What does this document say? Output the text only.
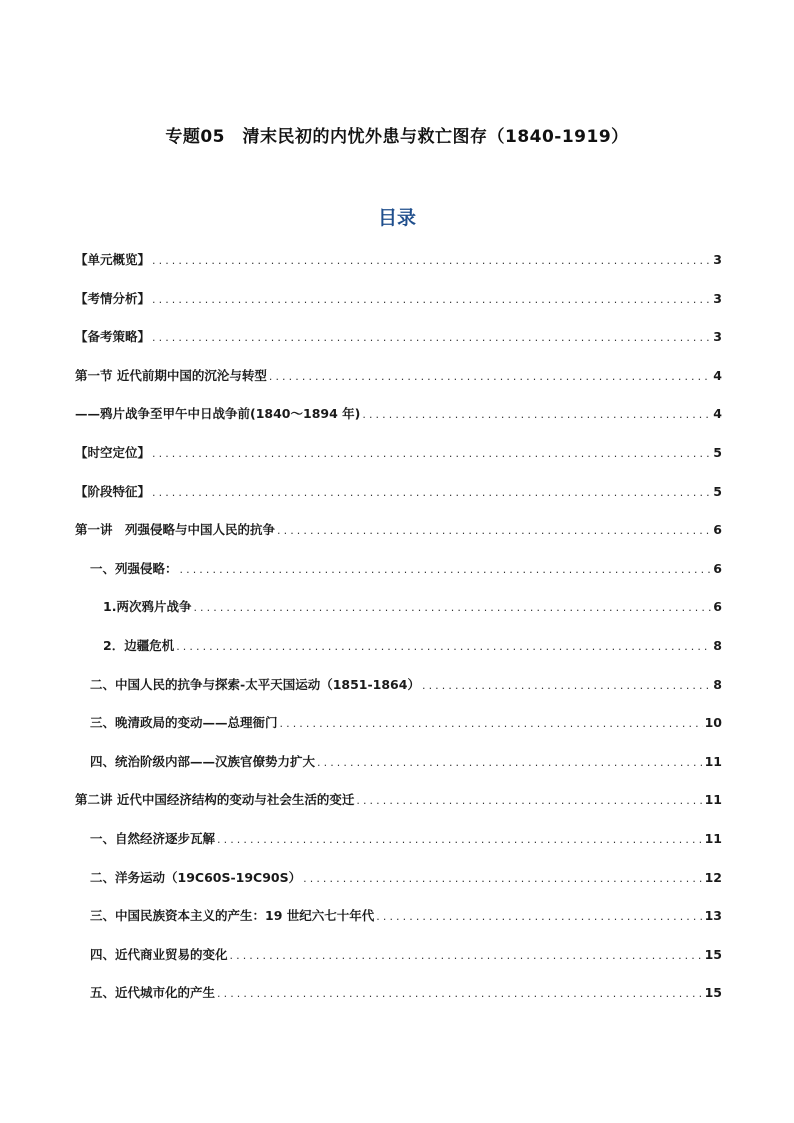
专题05　清末民初的内忧外患与救亡图存（1840-1919）
目录
【单元概览】 .....	3
【考情分析】 .....	3
【备考策略】 .....	3
第一节 近代前期中国的沉沦与转型 .....	4
——鸦片战争至甲午中日战争前(1840～1894 年) .....	4
【时空定位】 .....	5
【阶段特征】 .....	5
第一讲　列强侵略与中国人民的抗争 .....	6
一、列强侵略： .....	6
1.两次鸦片战争 .....	6
2．边疆危机 .....	8
二、中国人民的抗争与探索-太平天国运动（1851-1864） .....	8
三、晚清政局的变动——总理衙门 .....	10
四、统治阶级内部——汉族官僚势力扩大 .....	11
第二讲 近代中国经济结构的变动与社会生活的变迁 .....	11
一、自然经济逐步瓦解 .....	11
二、洋务运动（19C60S-19C90S） .....	12
三、中国民族资本主义的产生：19 世纪六七十年代 .....	13
四、近代商业贸易的变化 .....	15
五、近代城市化的产生 .....	15
